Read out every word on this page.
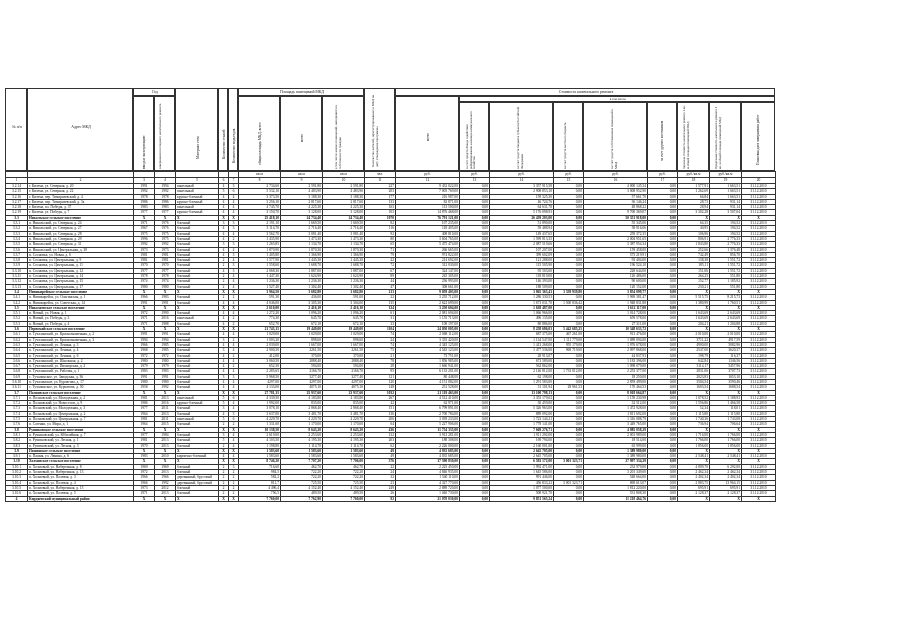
№ п/п	Адрес МКД
Год
ввода в эксплуатацию	завершения последнего капитального ремонта	Материал стен	Количество этажей Количество подъездов
Площадь помещений МКД
общая площадь МКД, всего	всего	в том числе жилых помещений, находящихся в собственности граждан	Количество жителей, зарегистрированных в МКД на дату утверждения программы
Стоимость капитального ремонта
всего
в том числе:
за счет средств Фонда содействия реформированию жилищно-коммунального хозяйства	за счет средств бюджета субъекта Российской Федерации	за счет средств местного бюджета	за счет средств собственников помещений в МКД
за счет других источников	Удельная стоимость капитального ремонта 1 кв. м общей площади помещений МКД	Предельная стоимость капитального ремонта 1 кв. м общей площади помещений МКД	Плановая дата завершения работ
							кв.м	кв.м	кв.м	чел.	руб.	руб.	руб.	руб.	руб.	руб.	руб./кв.м	руб./кв.м	
1	2	3	4	5	6	7	8	9	10	11	12	13	14	15	16	17	18	19	20
3.2.14	г. Кизема, ул. Северная, д. 20	1991	1994	панельный	4	3	2 734,60	2 591,80	2 591,80	227	9 432 022,00	0,00	3 357 915,58	0,00	4 000 145,34	0,00	1 577,91	1 663,51	31.12.2010
3.2.15	г. Кизема, ул. Северная, д. 22	1992	1992	панельный	5	6	5 532,10	4 483,90	4 483,90	203	7 005 769,00	0,00	2 908 853,10	0,00	3 008 952,90	0,00	1 262,69	1 663,51	31.12.2010
3.2.16	г. Кизема, пер. Тимирязевский, д. 4	1978	1978	крупно-блочный	4	4	3 373,50	3 188,30	3 188,30	177	216 987,00	0,00	159 325,30	0,00	57 661,70	0,00	66,84	1 663,51	31.12.2010
3.2.17	г. Кизема, пер. Тимирязевский, д. 3а	1986	1986	крупно-блочный	4	4	3 256,10	2 817,60	2 817,60	133	82 871,00	0,00	46 724,76	0,00	36 146,24	0,00	28,73	931,14	31.12.2010
3.2.18	г. Кизема, пл. Победы, д. 37	1983	1983	панельный	4	4	4 745,70	4 225,30	4 225,30	163	113 500,00	0,00	64 631,78	0,00	48 868,22	0,00	28,94	931,14	31.12.2010
3.2.19	г. Кизема, ул. Победы, д. 7	1977	1977	крупно-блочный	4	4	3 150,70	3 128,00	3 128,00	103	14 876 468,00	0,00	5 176 098,93	0,00	9 700 369,07	0,00	3 302,28	3 507,04	31.12.2010
3.3	Никольское сельское поселение	X	X	X	X	X	25 418,10	24 734,40	24 734,40	1070	76 791 121,00	0,00	26 439 203,00	0,00	50 351 918,00	0,00	X	X	X
3.3.1	п. Никольский, ул. Северная, д. 24	1971	1976	блочный	3	3	2 191,10	1 669,50	1 669,50	82	107 235,00	0,00	51 890,00	0,00	55 345,00	0,00	64,35	194,52	31.12.2010
3.3.2	п. Никольский, ул. Северная, д. 27	1967	1976	блочный	4	3	3 114,70	2 716,40	2 716,40	116	118 405,00	0,00	59 488,94	0,00	58 916,06	0,00	40,95	194,52	31.12.2010
3.3.3	п. Никольский, ул. Северная, д. 28	1975	1975	блочный	4	4	3 562,70	3 081,40	3 081,40	92	408 810,00	0,00	149 437,65	0,00	259 372,35	0,00	106,96	194,52	31.12.2010
3.3.4	п. Никольский, ул. Северная, д. 29	1996	1975	блочный	4	2	1 435,90	1 473,30	1 473,30	80	3 604 765,00	0,00	1 599 813,35	0,00	2 004 951,65	0,00	806,91	2 776,33	31.12.2010
3.3.5	п. Никольский, ул. Северная, д. 31	1992	1992	блочный	3	3	1 265,85	1 134,70	1 134,70	65	5 475 474,00	0,00	2 087 519,66	0,00	3 387 954,34	0,00	1 843,80	2 776,33	31.12.2010
3.3.6	п. Никольский, ул. Центральная, д. 38	1973	1973	блочный	4	4	1 870,90	1 870,30	1 870,30	71	266 665,00	0,00	107 207,00	0,00	159 458,00	0,00	252,66	1 376,48	31.12.2010
3.3.7	п. Сосновка, ул. Новая, д. 6	1981	1981	блочный	4	3	1 405,80	1 366,90	1 366,90	79	974 822,00	0,00	399 602,09	0,00	575 219,91	0,00	742,49	856,70	31.12.2010
3.3.8	п. Сосновка, ул. Центральная, д. 9	1981	1981	блочный	2	4	1 577,90	1 445,30	1 445,30	42	214 692,00	0,00	121 288,00	0,00	93 404,00	0,00	138,38	1 551,72	31.12.2010
3.3.9	п. Сосновка, ул. Центральная, д. 11	1970	1970	блочный	2	3	1 558,60	1 688,70	1 688,70	72	312 030,00	0,00	115 505,90	0,00	196 524,10	0,00	185,11	1 551,72	31.12.2010
3.3.10	п. Сосновка, ул. Центральная, д. 12	1977	1977	блочный	4	3	2 068,30	1 887,00	1 887,00	67	324 147,00	0,00	95 503,00	0,00	228 644,00	0,00	151,06	1 551,72	31.12.2010
3.3.11	п. Сосновка, ул. Центральная, д. 14	1978	1978	блочный	2	4	1 447,30	1 624,90	1 624,90	89	245 305,00	0,00	118 819,00	0,00	126 486,00	0,00	264,25	551,80	31.12.2010
3.3.12	п. Сосновка, ул. Центральная, д. 15	1974	1974	блочный	2	4	1 236,30	1 236,30	1 236,30	44	236 993,00	0,00	146 393,00	0,00	90 600,00	0,00	152,77	1 185,92	31.12.2010
3.3.13	п. Сосновка, ул. Центральная, д. 17	1980	1980	блочный	2	4	1 527,40	1 302,40	1 302,40	47	308 661,00	0,00	188 509,00	0,00	120 152,00	0,00	230,21	551,80	31.12.2010
3.4	Нивикирейское сельское поселение	X	X	X	X	X	3 964,50	3 682,80	3 682,80	213	9 059 403,00	0,00	3 865 363,43	3 339 939,80	3 854 099,77	0,00	X	X	X
3.4.1	п. Нивикирейск, ул. Ольгинская, д. 1	1966	1983	блочный	2	2	591,30	436,00	591,00	22	3 255 712,00	0,00	1 286 330,53	0,00	1 969 381,47	0,00	5 515,75	8 215,73	31.12.2010
3.4.2	п. Нивикирейск, ул. Советская, д. 14	1991	1991	блочный	4	4	4 046,00	3 305,30	3 304,00	135	2 622 699,00	0,00	1 673 031,70	1 500 836,42	1 948 831,88	0,00	1 380,99	1 760,51	31.12.2010
3.5	Николаевское сельское поселение	X	X	X	X	X	2 610,00	2 416,10	2 416,10	124	3 250 604,00	0,00	1 638 487,00	0,00	1 612 117,00	0,00	X	X	X
3.5.1	п. Новый, ул. Новая, д. 1	1972	1990	блочный	4	4	1 272,20	1 096,20	1 096,20	61	2 081 694,00	0,00	1 066 966,00	0,00	1 014 728,00	0,00	1 643,69	2 643,69	31.12.2010
3.5.2	п. Новый, ул. Победы, д. 3	1971	2016	панельный	4	2	774,30	645,70	645,70	31	1 155 713,00	0,00	496 135,00	0,00	659 578,00	0,00	1 643,69	2 643,69	31.12.2010
3.5.3	п. Новый, ул. Победы, д. 4	1971	1988	блочный	4	2	652,70	672,10	672,10	33	108 197,00	0,00	80 886,00	0,00	27 311,00	0,00	204,21	1 204,88	31.12.2010
3.6	Первомайское сельское поселение	X	X	X	X	X	21 743,15	19 449,00	19 449,00	1104	24 050 005,00	0,00	8 258 686,03	5 442 685,25	10 348 633,72	0,00	X	X	X
3.6.1	п. Тучалинский, ул. Краснознаменная, д. 2	1991	1991	блочный	4	4	1 029,00	1 029,00	1 029,00	74	2 068 112,00	0,00	687 375,00	467 261,00	913 476,00	0,00	2 010,00	2 010,00	31.12.2010
3.6.2	п. Тучалинский, ул. Краснознаменная, д. 3	1994	1994	блочный	3	2	1 003,20	898,60	898,60	24	3 335 420,00	0,00	1 134 547,00	1 111 779,00	1 089 094,00	0,00	3711,22	4917,59	31.12.2010
3.6.3	п. Тучалинский, ул. Ленина, д. 3	1966	1985	блочный	4	4	2 039,00	1 667,00	1 667,00	74	4 345 125,00	0,00	1 413 268,00	955 179,00	1 976 678,00	0,00	4900,00	5082,96	31.12.2010
3.6.4	п. Тучалинский, ул. Ленина, д. 4	1968	1985	блочный	3	4	2 900,50	2261,50	2261,50	75	4 545 123,00	0,00	1 477 536,00	969 719,00	2 097 868,00	0,00	2547,00	3620,37	31.12.2010
3.6.5	п. Тучалинский, ул. Ленина, д. 6	1972	1972	блочный	4	2	412,00	370,00	370,00	21	73 751,00	0,00	28 913,07	0,00	44 837,93	0,00	198,79	116,37	31.12.2010
3.6.6	п. Тучалинский, ул. Школьная, д. 2	1980	1980	блочный	4	4	3 060,50	2888,40	2888,40	78	1 856 985,00	0,00	673 589,00	0,00	1 183 396,00	0,00	642,84	1346,56	31.12.2010
3.6.7	п. Тучалинский, ул. Пионерская, д. 2	1979	1979	блочный	4	2	652,30	594,00	594,00	28	1 660 941,00	0,00	562 862,00	0,00	1 098 079,00	0,00	3114,17	5457,96	31.12.2010
3.6.8	п. Тучалинский, ул. Рабочая, д. 1	1983	1983	блочный	4	4	2 285,65	2166,70	2166,70	95	6 133 201,00	0,00	2 146 812,00	1 733 012,00	2 253 377,00	0,00	2831,06	3707,73	31.12.2010
3.6.9	с. Тучалинское, ул. Заводская, д. 36	1991	1991	блочный	3	3	5 968,50	3277,40	3277,40	121	80 448,00	0,00	62 198,00	0,00	18 250,00	0,00	2023,83	1653,10	31.12.2010
3.6.10	п. Тучалинское, ул. Курчатова, д. 17	1980	1980	блочный	4	4	4297,00	4297,00	4297,00	120	4 151 082,00	0,00	1 291 583,00	0,00	2 859 499,00	0,00	3504,54	3590,46	31.12.2010
3.6.11	с. Тучалинское, ул. Курчатова, д. 50	1958	1992	блочный	4	4	4 133,00	4075,10	4075,10	148	231 528,00	0,00	31 101,94	29 961,53	170 464,53	0,00	1603,54	1688,54	31.12.2010
3.7	Полновское сельское поселение	X	X	X	X	X	27 781,35	25 937,60	23 937,60	1032	21 119 463,00	0,00	13 100 798,13	0,00	8 018 664,87	0,00	X	X	X
3.7.1	п. Полновский, ул. Молодежная, д. 2	1981	2013	панельный	5	6	4 339,50	4 183,80	4 183,80	267	4 512 410,00	0,00	3 353 179,02	0,00	1 159 230,98	0,00	1 078,52	1 188,93	31.12.2010
3.7.2	п. Полновский, ул. Новоселов, д. 9	1986	2016	крупно-блочный	5	4	1 992,00	835,00	835,00	42	62 971,00	0,00	30 459,00	0,00	32 512,00	0,00	1 556,86	1 466,58	31.12.2010
3.7.3	п. Полновский, ул. Молодежная, д. 3	1977	2011	блочный	3	4	3 078,10	2 868,40	2 868,40	151	6 799 891,00	0,00	5 326 963,00	0,00	1 472 928,00	0,00	52,34	118,01	31.12.2010
3.7.4	п. Полновский, ул. Центральная, д. 2	1964	2013	блочный	4	3	3 637,00	3 481,70	3 481,70	136	2 700 784,00	0,00	889 092,00	0,00	1 811 692,00	0,00	1 115,80	1 115,80	31.12.2010
3.7.5	п. Полновский, ул. Центральная, д. 7	1981	2011	панельный	5	6	4 229,70	4 229,70	4 229,70	206	3 039 233,00	0,00	1 723 144,21	0,00	1 316 088,79	0,00	1 740,36	1 743,08	31.12.2010
3.7.6	п. Сагенки, ул. Мира, д. 1	1964	2015	блочный	2	2	1 331,60	1 170,00	1 170,00	64	5 227 906,00	0,00	1 778 141,00	0,00	3 449 765,00	0,00	736,94	706,64	31.12.2010
3.8	Рушиковское сельское поселение	X	X	X	X	X	10 138,50	8 643,20	8 643,20	436	11 754 335,00	0,00	7 669 276,71	0,00	4 085 058,29	0,00	X	X	X
3.8.1	п. Рушиковский, ул. Юбилейная, д. 7	1977	1984	блочный	3	4	2 619,00	2 253,60	2 253,60	132	3 913 281,00	0,00	1 911 292,00	0,00	2 001 989,00	0,00	1 716,00	1 766,00	31.12.2010
3.8.2	п. Рушиковский, ул. Лесная, д. 1	1981	2013	блочный	5	4	4 103,50	4 195,30	4 195,30	203	188 308,00	0,00	169 794,00	0,00	18 514,00	0,00	1 766,00	1 766,00	31.12.2010
3.8.3	п. Рушиковский, ул. Лесная, д. 3	1970	2013	блочный	2	4	1 198,80	1 114,70	1 114,70	62	2 226 000,00	0,00	2 160 001,00	0,00	65 999,00	0,00	1 856,00	1 856,00	31.12.2010
3.9	Пашинское сельское поселение	X	X	X	X	X	1 583,60	1 583,60	1 583,60	49	4 035 685,00	0,00	2 645 705,00	0,00	1 389 980,00	0,00	X	X	X
3.9.1	п. Пашня, ул. Ленина, д. 6	1983	2010	кирпично-блочный	4	4	1 583,60	1 583,60	1 583,60	49	4 035 685,00	0,00	2 645 705,00	0,00	1 389 980,00	0,00	2 548,41	2 548,41	31.12.2010
3.10	Холмовское сельское поселение	X	X	X	X	X	8 746,20	7 707,20	7 706,00	376	37 590 830,00	0,00	6 592 172,00	3 001 323,71	27 997 334,29	0,00	X	X	X
3.10.1	п. Холмовый, ул. Набережная, д. 8	1969	1969	блочный	2	3	716,60	462,70	462,70	22	2 225 450,00	0,00	1 992 471,00	0,00	232 979,00	0,00	4 809,70	6 292,00	31.12.2010
3.10.2	п. Холмовый, ул. Набережная, д. 13	1972	2013	блочный	2	2	984,5	722,20	722,20	24	4 846 935,00	0,00	1 645 586,00	0,00	3 201 349,00	0,00	2 462,34	2 462,34	31.12.2010
3.10.3	п. Холмовый, ул. Полевая, д. 3	1966	1966	деревянный, брусовый	2	2	582,2	722,20	722,20	32	1 540 110,00	0,00	991 446,00	0,00	548 664,00	0,00	2 402,34	2 402,34	31.12.2010
3.10.4	п. Холмовый, ул. Полевая, д. 4	1966	1992	деревянный, брусовый	2	2	811,7	725,50	725,50	23	4 327 770,00	0,00	456 833,22	3 001 323,71	869 613,07	0,00	2 883,75	13 964,15	31.12.2010
3.10.5	п. Холмовый, ул. Набережная, д. 15	1973	2012	блочный	2	2	4 496,4	4 152,40	4 152,40	249	2 889 720,00	0,00	1 077 500,00	0,00	1 812 220,00	0,00	695,91	695,91	31.12.2010
3.10.6	п. Холмовый, ул. Полевая, д. 5	1971	2013	блочный	2	2	756,5	489,50	489,50	26	1 040 730,00	0,00	508 921,70	0,00	531 808,30	0,00	2 128,37	2 128,37	31.12.2010
4	Кирдяевский муниципальный район	X	X	X	X	X	7 760,00	7 762,90	7 760,00	92	21 070 030,00	0,00	9 851 565,24	0,00	11 218 464,76	0,00	X	X	X
